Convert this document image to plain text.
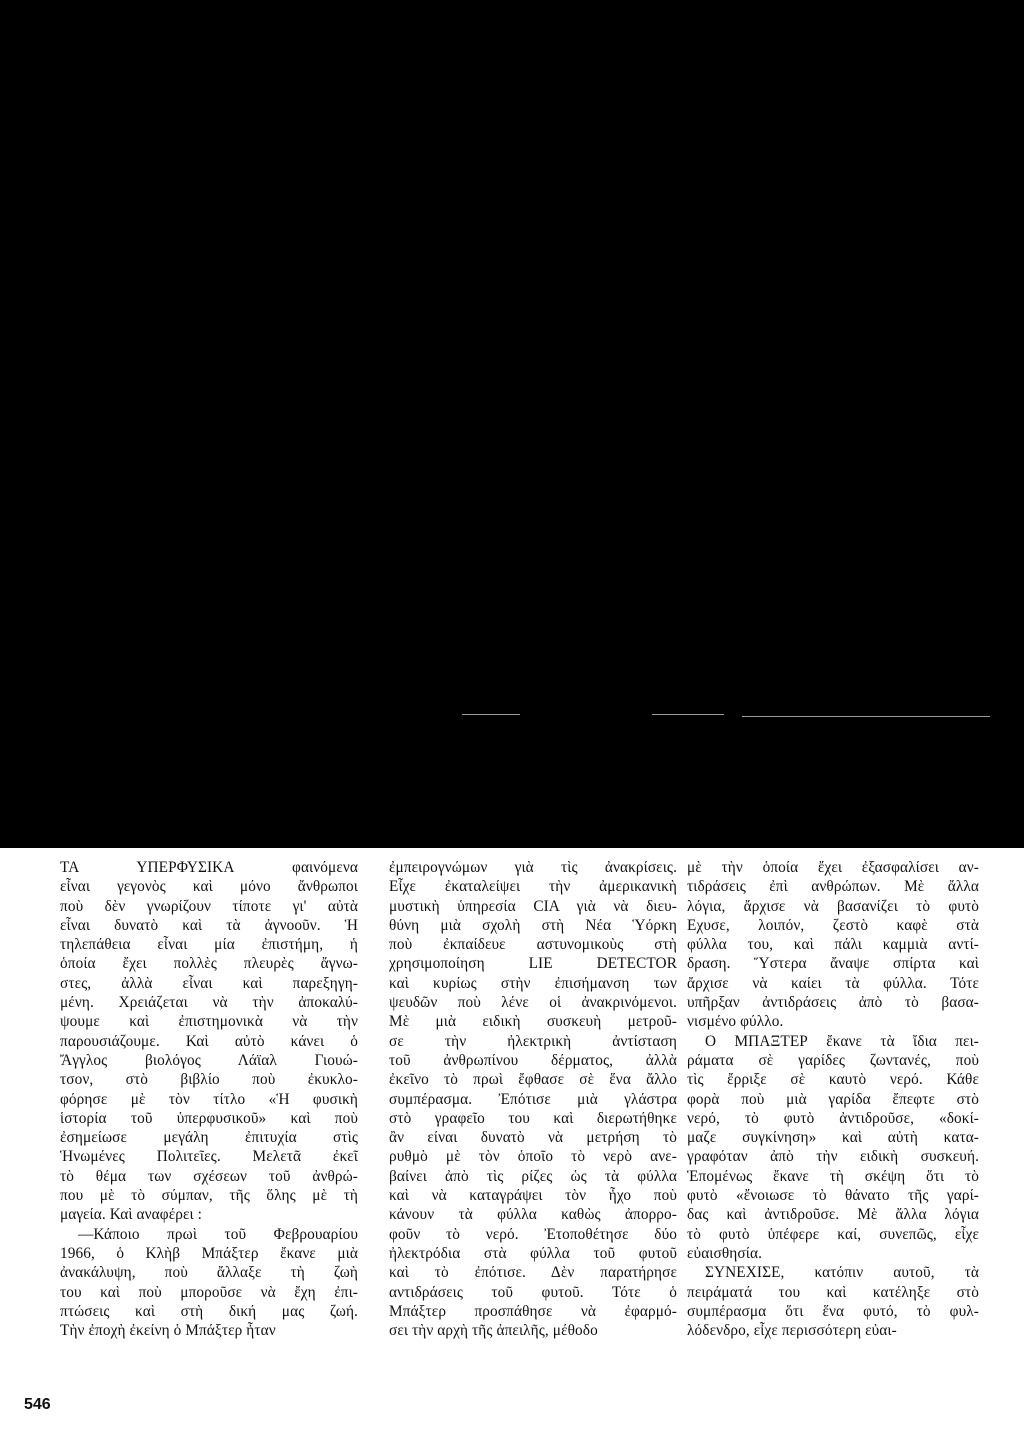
ΤΑ ΥΠΕΡΦΥΣΙΚΑ φαινόμενα
εἶναι γεγονὸς καὶ μόνο ἄνθρωποι
ποὺ δὲν γνωρίζουν τίποτε γι' αὐτὰ
εἶναι δυνατὸ καὶ τὰ ἀγνοοῦν. Ἡ
τηλεπάθεια εἶναι μία ἐπιστήμη, ἡ
ὁποία ἔχει πολλὲς πλευρὲς ἄγνω-
στες, ἀλλὰ εἶναι καὶ παρεξηγη-
μένη. Χρειάζεται νὰ τὴν ἀποκαλύ-
ψουμε καὶ ἐπιστημονικὰ νὰ τὴν
παρουσιάζουμε. Καὶ αὐτὸ κάνει ὁ
Ἄγγλος βιολόγος Λάϊαλ Γιουώ-
τσον, στὸ βιβλίο ποὺ ἐκυκλο-
φόρησε μὲ τὸν τίτλο «Ἡ φυσικὴ
ἱστορία τοῦ ὑπερφυσικοῦ» καὶ ποὺ
ἐσημείωσε μεγάλη ἐπιτυχία στὶς
Ἡνωμένες Πολιτεῖες. Μελετᾶ ἐκεῖ
τὸ θέμα των σχέσεων τοῦ ἀνθρώ-
που μὲ τὸ σύμπαν, τῆς ὅλης μὲ τὴ
μαγεία. Καὶ αναφέρει :
—Κάποιο πρωὶ τοῦ Φεβρουαρίου
1966, ὁ Κλὴβ Μπάξτερ ἔκανε μιὰ
ἀνακάλυψη, ποὺ ἄλλαξε τὴ ζωὴ
του καὶ ποὺ μποροῦσε νὰ ἔχη ἐπι-
πτώσεις καὶ στὴ δική μας ζωή.
Τὴν ἐποχὴ ἐκείνη ὁ Μπάξτερ ἦταν
ἐμπειρογνώμων γιὰ τὶς ἀνακρίσεις.
Εἶχε ἐκαταλείψει τὴν ἀμερικανικὴ
μυστικὴ ὑπηρεσία CIA γιὰ νὰ διευ-
θύνη μιὰ σχολὴ στὴ Νέα Ὑόρκη
ποὺ ἐκπαίδευε αστυνομικοὺς στὴ
χρησιμοποίηση LIE DETECTOR
καὶ κυρίως στὴν ἐπισήμανση των
ψευδῶν ποὺ λένε οἱ ἀνακρινόμενοι.
Μὲ μιὰ ειδικὴ συσκευὴ μετροῦ-
σε τὴν ἠλεκτρικὴ ἀντίσταση
τοῦ ἀνθρωπίνου δέρματος, ἀλλὰ
ἐκεῖνο τὸ πρωὶ ἔφθασε σὲ ἕνα ἄλλο
συμπέρασμα. Ἐπότισε μιὰ γλάστρα
στὸ γραφεῖο του καὶ διερωτήθηκε
ἂν είναι δυνατὸ νὰ μετρήση τὸ
ρυθμὸ μὲ τὸν ὁποῖο τὸ νερὸ ανε-
βαίνει ἀπὸ τὶς ρίζες ὡς τὰ φύλλα
καὶ νὰ καταγράψει τὸν ἦχο ποὺ
κάνουν τὰ φύλλα καθὼς ἀπορρο-
φοῦν τὸ νερό. Ἐτοποθέτησε δύο
ἠλεκτρόδια στὰ φύλλα τοῦ φυτοῦ
καὶ τὸ ἐπότισε. Δὲν παρατήρησε
αντιδράσεις τοῦ φυτοῦ. Τότε ὁ
Μπάξτερ προσπάθησε νὰ ἐφαρμό-
σει τὴν αρχὴ τῆς ἀπειλῆς, μέθοδο
μὲ τὴν ὁποία ἔχει ἐξασφαλίσει αν-
τιδράσεις ἐπὶ ανθρώπων. Μὲ ἄλλα
λόγια, ἄρχισε νὰ βασανίζει τὸ φυτὸ
Εχυσε, λοιπόν, ζεστὸ καφὲ στὰ
φύλλα του, καὶ πάλι καμμιὰ αντί-
δραση. Ὕστερα ἄναψε σπίρτα καὶ
ἄρχισε νὰ καίει τὰ φύλλα. Τότε
υπῆρξαν ἀντιδράσεις ἀπὸ τὸ βασα-
νισμένο φύλλο.
Ο ΜΠΑΞΤΕΡ ἔκανε τὰ ἴδια πει-
ράματα σὲ γαρίδες ζωντανές, ποὺ
τὶς ἔρριξε σὲ καυτὸ νερό. Κάθε
φορὰ ποὺ μιὰ γαρίδα ἔπεφτε στὸ
νερό, τὸ φυτὸ ἀντιδροῦσε, «δοκί-
μαζε συγκίνηση» καὶ αὐτὴ κατα-
γραφόταν ἀπὸ τὴν ειδικὴ συσκευή.
Ἑπομένως ἔκανε τὴ σκέψη ὅτι τὸ
φυτὸ «ἔνοιωσε τὸ θάνατο τῆς γαρί-
δας καὶ ἀντιδροῦσε. Μὲ ἄλλα λόγια
τὸ φυτὸ ὑπέφερε καί, συνεπῶς, εἶχε
εὐαισθησία.
ΣΥΝΕΧΙΣΕ, κατόπιν αυτοῦ, τὰ
πειράματά του καὶ κατέληξε στὸ
συμπέρασμα ὅτι ἕνα φυτό, τὸ φυλ-
λόδενδρο, εἶχε περισσότερη εὐαι-
546
